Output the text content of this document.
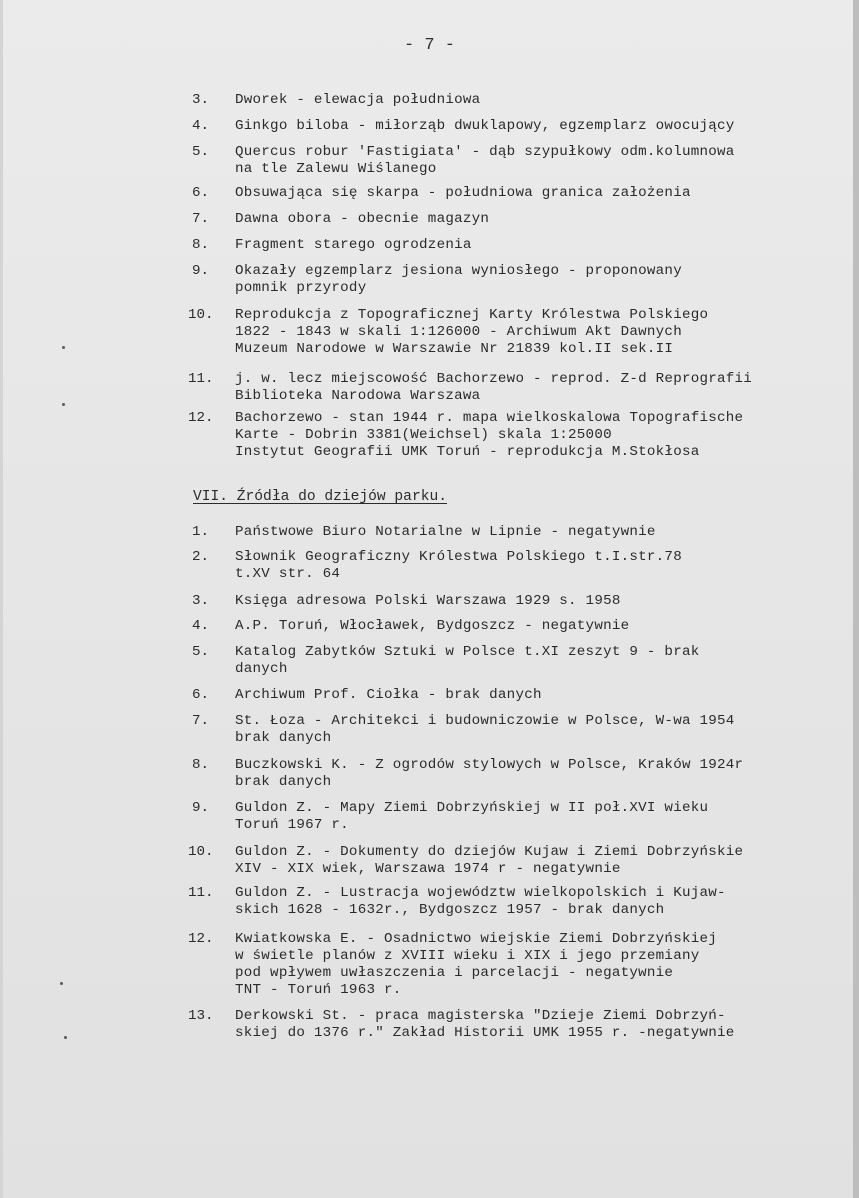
- 7 -
3.	Dworek - elewacja południowa
4.	Ginkgo biloba - miłorząb dwuklapowy, egzemplarz owocujący
5.	Quercus robur 'Fastigiata' - dąb szypułkowy odm.kolumnowa
na tle Zalewu Wiślanego
6.	Obsuwająca się skarpa - południowa granica założenia
7.	Dawna obora - obecnie magazyn
8.	Fragment starego ogrodzenia
9.	Okazały egzemplarz jesiona wyniosłego - proponowany
pomnik przyrody
10.	Reprodukcja z Topograficznej Karty Królestwa Polskiego
1822 - 1843 w skali 1:126000 - Archiwum Akt Dawnych
Muzeum Narodowe w Warszawie Nr 21839 kol.II sek.II
11.	j. w. lecz miejscowość Bachorzewo - reprod. Z-d Reprografii
Biblioteka Narodowa Warszawa
12.	Bachorzewo - stan 1944 r. mapa wielkoskalowa Topografische
Karte - Dobrin 3381(Weichsel) skala 1:25000
Instytut Geografii UMK Toruń - reprodukcja M.Stokłosa
VII. Źródła do dziejów parku.
1.	Państwowe Biuro Notarialne w Lipnie - negatywnie
2.	Słownik Geograficzny Królestwa Polskiego t.I.str.78
t.XV str. 64
3.	Księga adresowa Polski Warszawa 1929 s. 1958
4.	A.P. Toruń, Włocławek, Bydgoszcz - negatywnie
5.	Katalog Zabytków Sztuki w Polsce t.XI zeszyt 9 - brak
danych
6.	Archiwum Prof. Ciołka - brak danych
7.	St. Łoza - Architekci i budowniczowie w Polsce, W-wa 1954
brak danych
8.	Buczkowski K. - Z ogrodów stylowych w Polsce, Kraków 1924r
brak danych
9.	Guldon Z. - Mapy Ziemi Dobrzyńskiej w II poł.XVI wieku
Toruń 1967 r.
10.	Guldon Z. - Dokumenty do dziejów Kujaw i Ziemi Dobrzyńskie
XIV - XIX wiek, Warszawa 1974 r - negatywnie
11.	Guldon Z. - Lustracja województw wielkopolskich i Kujaw-
skich 1628 - 1632r., Bydgoszcz 1957 - brak danych
12.	Kwiatkowska E. - Osadnictwo wiejskie Ziemi Dobrzyńskiej
w świetle planów z XVIII wieku i XIX i jego przemiany
pod wpływem uwłaszczenia i parcelacji - negatywnie
TNT - Toruń 1963 r.
13.	Derkowski St. - praca magisterska "Dzieje Ziemi Dobrzyń-
skiej do 1376 r." Zakład Historii UMK 1955 r. -negatywnie
